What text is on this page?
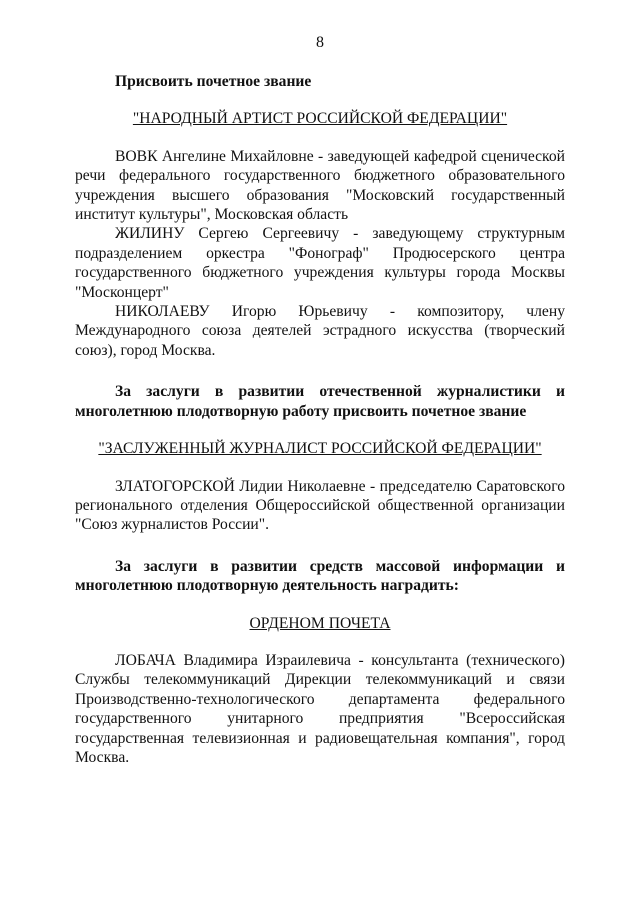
8

Присвоить почетное звание

"НАРОДНЫЙ АРТИСТ РОССИЙСКОЙ ФЕДЕРАЦИИ"

ВОВК Ангелине Михайловне - заведующей кафедрой сценической речи федерального государственного бюджетного образовательного учреждения высшего образования "Московский государственный институт культуры", Московская область

ЖИЛИНУ Сергею Сергеевичу - заведующему структурным подразделением оркестра "Фонограф" Продюсерского центра государственного бюджетного учреждения культуры города Москвы "Москонцерт"

НИКОЛАЕВУ Игорю Юрьевичу - композитору, члену Международного союза деятелей эстрадного искусства (творческий союз), город Москва.

За заслуги в развитии отечественной журналистики и многолетнюю плодотворную работу присвоить почетное звание

"ЗАСЛУЖЕННЫЙ ЖУРНАЛИСТ РОССИЙСКОЙ ФЕДЕРАЦИИ"

ЗЛАТОГОРСКОЙ Лидии Николаевне - председателю Саратовского регионального отделения Общероссийской общественной организации "Союз журналистов России".

За заслуги в развитии средств массовой информации и многолетнюю плодотворную деятельность наградить:

ОРДЕНОМ ПОЧЕТА

ЛОБАЧА Владимира Израилевича - консультанта (технического) Службы телекоммуникаций Дирекции телекоммуникаций и связи Производственно-технологического департамента федерального государственного унитарного предприятия "Всероссийская государственная телевизионная и радиовещательная компания", город Москва.
